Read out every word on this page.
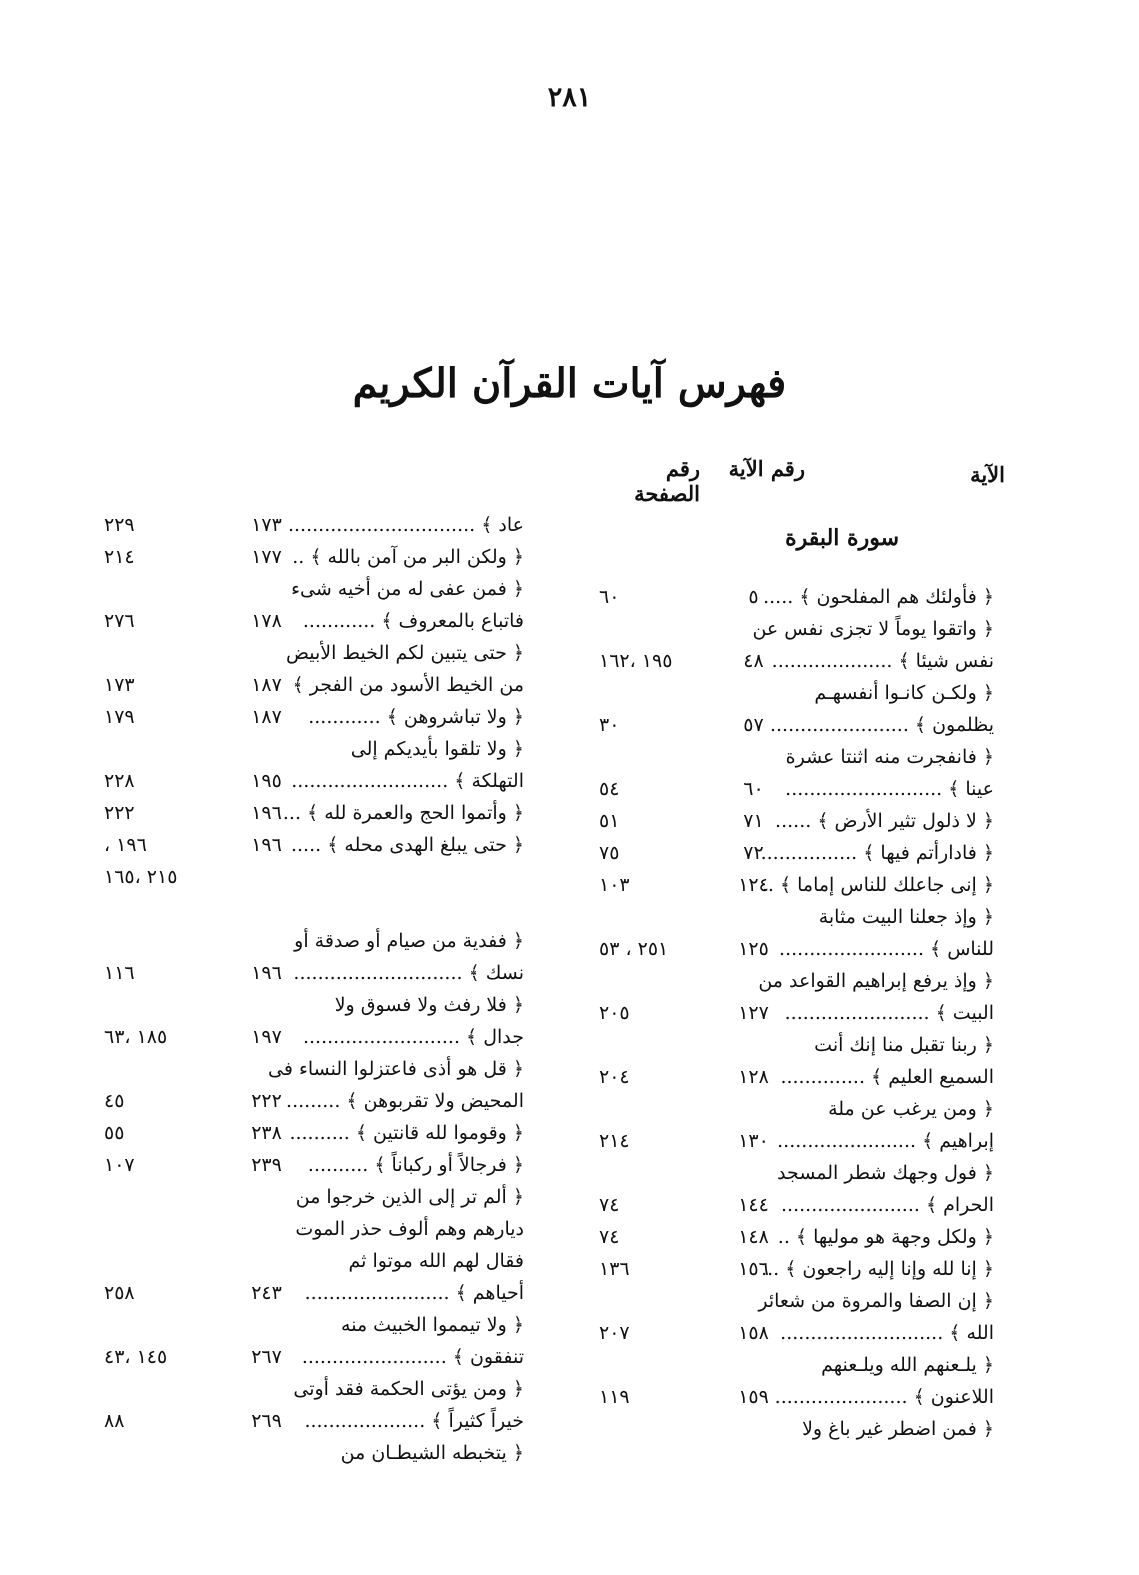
٢٨١
فهرس آيات القرآن الكريم
الآية
رقم الآية
رقم الصفحة
سورة البقرة
﴿ فأولئك هم المفلحون ﴾ .....
٥
٦٠
﴿ واتقوا يوماً لا تجزى نفس عن
نفس شيئا ﴾ ....................
٤٨
١٩٥ ،١٦٢
﴿ ولكـن كانـوا أنفسهـم
يظلمون ﴾ .......................
٥٧
٣٠
﴿ فانفجرت منه اثنتا عشرة
عينا ﴾ ..........................
٦٠
٥٤
﴿ لا ذلول تثير الأرض ﴾ ......
٧١
٥١
﴿ فادارأتم فيها ﴾ ................
٧٢
٧٥
﴿ إنى جاعلك للناس إماما ﴾ ..
١٢٤
١٠٣
﴿ وإذ جعلنا البيت مثابة
للناس ﴾ ........................
١٢٥
٢٥١ ، ٥٣
﴿ وإذ يرفع إبراهيم القواعد من
البيت ﴾ ........................
١٢٧
٢٠٥
﴿ ربنا تقبل منا إنك أنت
السميع العليم ﴾ ..............
١٢٨
٢٠٤
﴿ ومن يرغب عن ملة
إبراهيم ﴾ .......................
١٣٠
٢١٤
﴿ فول وجهك شطر المسجد
الحرام ﴾ .......................
١٤٤
٧٤
﴿ ولكل وجهة هو موليها ﴾ ..
١٤٨
٧٤
﴿ إنا لله وإنا إليه راجعون ﴾ ...
١٥٦
١٣٦
﴿ إن الصفا والمروة من شعائر
الله ﴾ ...........................
١٥٨
٢٠٧
﴿ يلـعنهم الله ويلـعنهم
اللاعنون ﴾ ......................
١٥٩
١١٩
﴿ فمن اضطر غير باغ ولا
عاد ﴾ ...............................
١٧٣
٢٢٩
﴿ ولكن البر من آمن بالله ﴾ ..
١٧٧
٢١٤
﴿ فمن عفى له من أخيه شىء
فاتباع بالمعروف ﴾ ............
١٧٨
٢٧٦
﴿ حتى يتبين لكم الخيط الأبيض
من الخيط الأسود من الفجر ﴾
١٨٧
١٧٣
﴿ ولا تباشروهن ﴾ ............
١٨٧
١٧٩
﴿ ولا تلقوا بأيديكم إلى
التهلكة ﴾ ..........................
١٩٥
٢٢٨
﴿ وأتموا الحج والعمرة لله ﴾ ...
١٩٦
٢٢٢
﴿ حتى يبلغ الهدى محله ﴾ .....
١٩٦
١٩٦ ،
٢١٥ ،١٦٥
﴿ ففدية من صيام أو صدقة أو
نسك ﴾ ............................
١٩٦
١١٦
﴿ فلا رفث ولا فسوق ولا
جدال ﴾ ..........................
١٩٧
١٨٥ ،٦٣
﴿ قل هو أذى فاعتزلوا النساء فى
المحيض ولا تقربوهن ﴾ .........
٢٢٢
٤٥
﴿ وقوموا لله قانتين ﴾ ..........
٢٣٨
٥٥
﴿ فرجالاً أو ركباناً ﴾ ..........
٢٣٩
١٠٧
﴿ ألم تر إلى الذين خرجوا من
ديارهم وهم ألوف حذر الموت
فقال لهم الله موتوا ثم
أحياهم ﴾ ........................
٢٤٣
٢٥٨
﴿ ولا تيمموا الخبيث منه
تنفقون ﴾ ........................
٢٦٧
١٤٥ ،٤٣
﴿ ومن يؤتى الحكمة فقد أوتى
خيراً كثيراً ﴾ ....................
٢٦٩
٨٨
﴿ يتخبطه الشيطـان من
